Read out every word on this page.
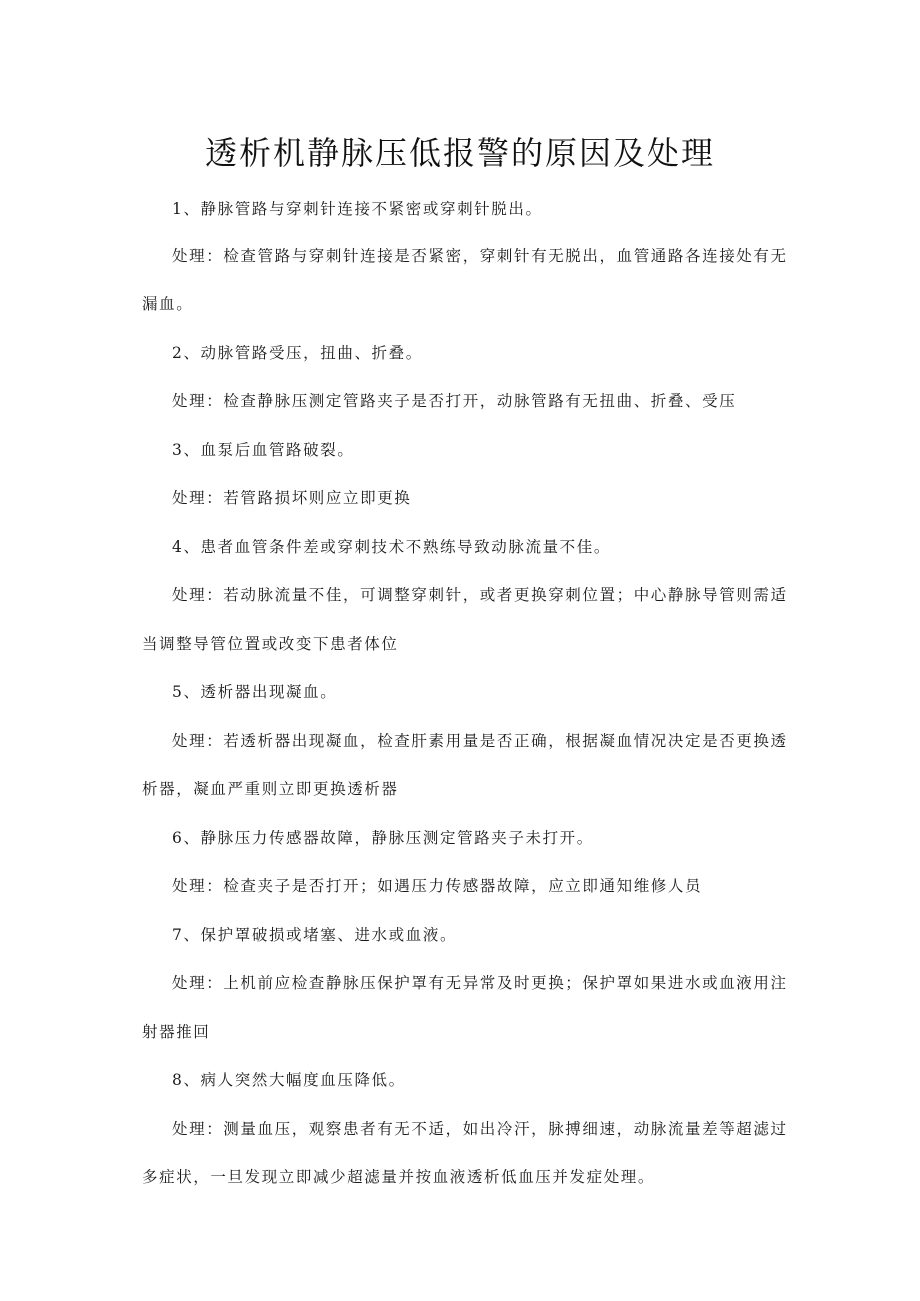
透析机静脉压低报警的原因及处理
1、静脉管路与穿刺针连接不紧密或穿刺针脱出。
处理：检查管路与穿刺针连接是否紧密，穿刺针有无脱出，血管通路各连接处有无
漏血。
2、动脉管路受压，扭曲、折叠。
处理：检查静脉压测定管路夹子是否打开，动脉管路有无扭曲、折叠、受压
3、血泵后血管路破裂。
处理：若管路损坏则应立即更换
4、患者血管条件差或穿刺技术不熟练导致动脉流量不佳。
处理：若动脉流量不佳，可调整穿刺针，或者更换穿刺位置；中心静脉导管则需适
当调整导管位置或改变下患者体位
5、透析器出现凝血。
处理：若透析器出现凝血，检查肝素用量是否正确，根据凝血情况决定是否更换透
析器，凝血严重则立即更换透析器
6、静脉压力传感器故障，静脉压测定管路夹子未打开。
处理：检查夹子是否打开；如遇压力传感器故障，应立即通知维修人员
7、保护罩破损或堵塞、进水或血液。
处理：上机前应检查静脉压保护罩有无异常及时更换；保护罩如果进水或血液用注
射器推回
8、病人突然大幅度血压降低。
处理：测量血压，观察患者有无不适，如出冷汗，脉搏细速，动脉流量差等超滤过
多症状，一旦发现立即减少超滤量并按血液透析低血压并发症处理。
